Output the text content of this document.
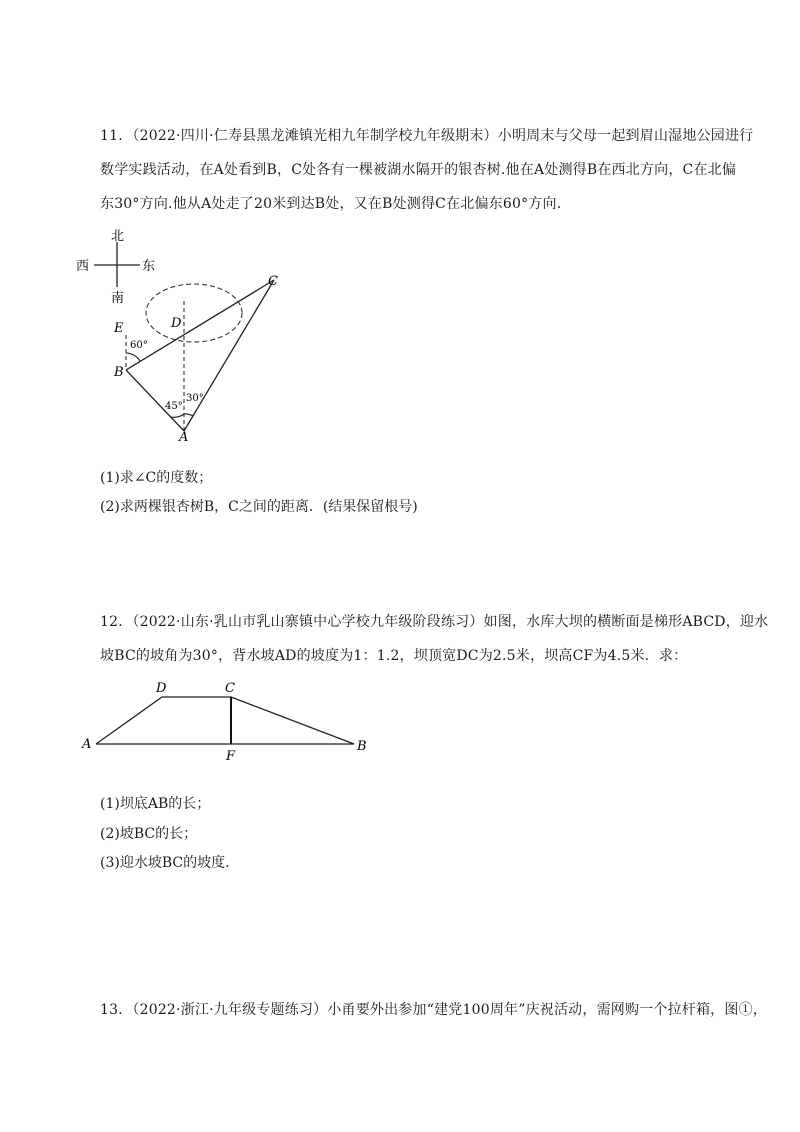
11．（2022·四川·仁寿县黑龙滩镇光相九年制学校九年级期末）小明周末与父母一起到眉山湿地公园进行
数学实践活动，在A处看到B，C处各有一棵被湖水隔开的银杏树.他在A处测得B在西北方向，C在北偏
东30°方向.他从A处走了20米到达B处，又在B处测得C在北偏东60°方向.
北
南
西	东
C
D
E
B
A
60°
45°
30°
(1)求∠C的度数；
(2)求两棵银杏树B，C之间的距离．(结果保留根号)
12．（2022·山东·乳山市乳山寨镇中心学校九年级阶段练习）如图，水库大坝的横断面是梯形ABCD，迎水
坡BC的坡角为30°，背水坡AD的坡度为1：1.2，坝顶宽DC为2.5米，坝高CF为4.5米．求：
D	C
A
F
B
(1)坝底AB的长；
(2)坡BC的长；
(3)迎水坡BC的坡度.
13．（2022·浙江·九年级专题练习）小甬要外出参加“建党100周年”庆祝活动，需网购一个拉杆箱，图①，
